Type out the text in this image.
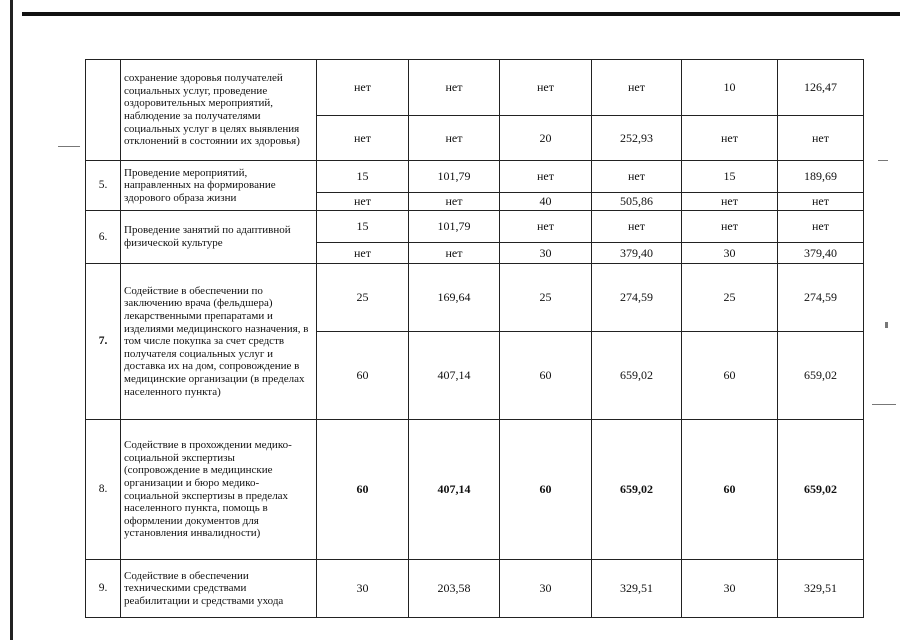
	сохранение здоровья получателей социальных услуг, проведение оздоровительных мероприятий, наблюдение за получателями социальных услуг в целях выявления отклонений в состоянии их здоровья)	нет	нет	нет	нет	10	126,47
		нет	нет	20	252,93	нет	нет
5.	Проведение мероприятий, направленных на формирование здорового образа жизни	15	101,79	нет	нет	15	189,69
		нет	нет	40	505,86	нет	нет
6.	Проведение занятий по адаптивной физической культуре	15	101,79	нет	нет	нет	нет
		нет	нет	30	379,40	30	379,40
7.	Содействие в обеспечении по заключению врача (фельдшера) лекарственными препаратами и изделиями медицинского назначения, в том числе покупка за счет средств получателя социальных услуг и доставка их на дом, сопровождение в медицинские организации (в пределах населенного пункта)	25	169,64	25	274,59	25	274,59
		60	407,14	60	659,02	60	659,02
8.	Содействие в прохождении медико-социальной экспертизы (сопровождение в медицинские организации и бюро медико-социальной экспертизы в пределах населенного пункта, помощь в оформлении документов для установления инвалидности)	60	407,14	60	659,02	60	659,02
9.	Содействие в обеспечении техническими средствами реабилитации и средствами ухода	30	203,58	30	329,51	30	329,51
